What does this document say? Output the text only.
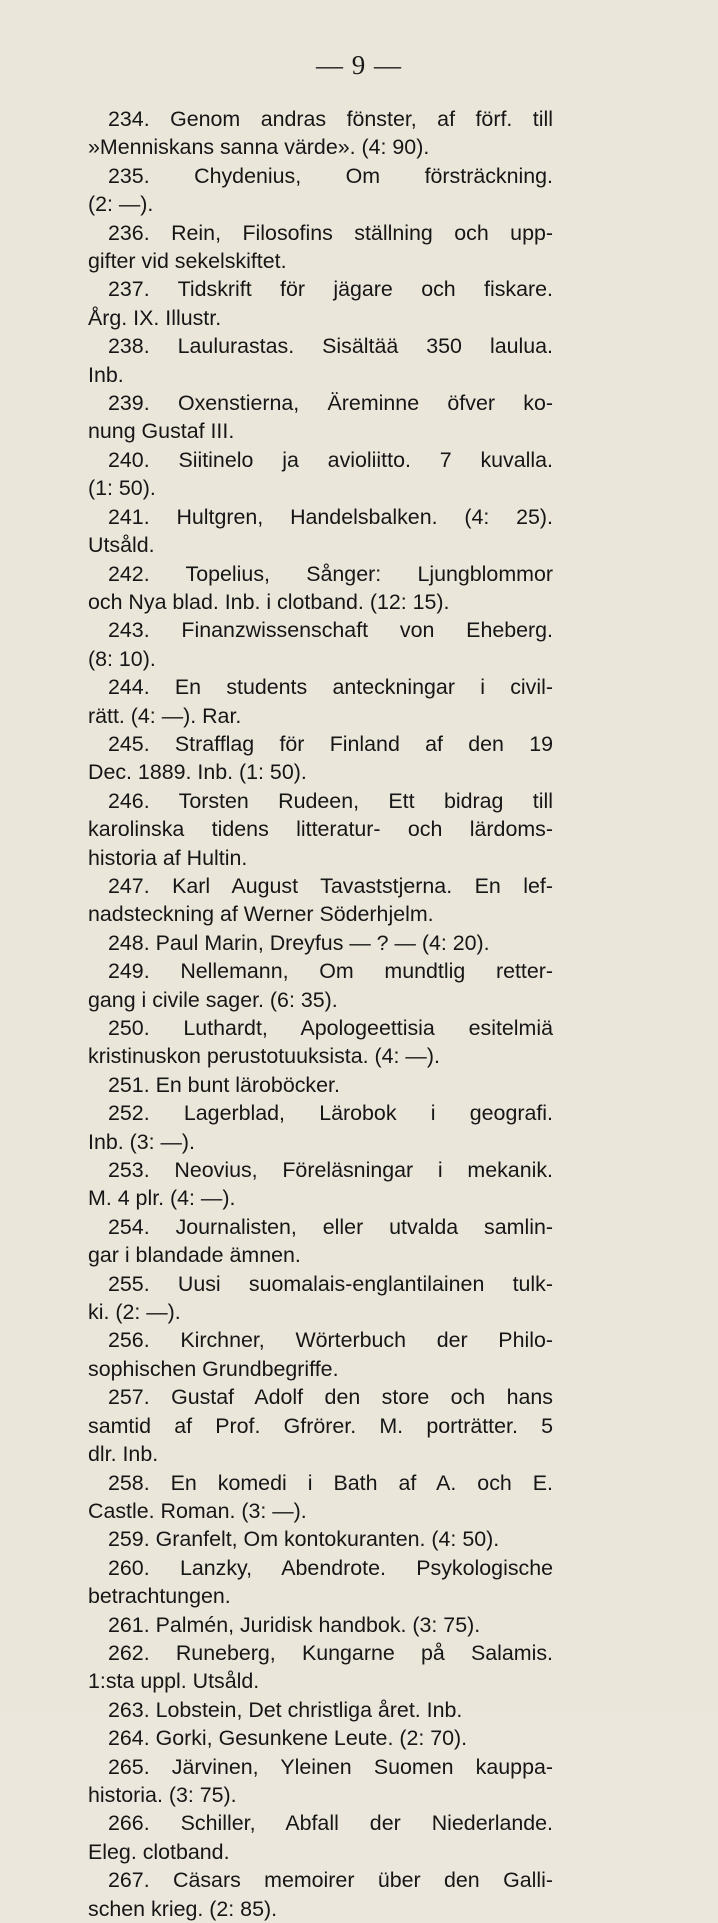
— 9 —
234. Genom andras fönster, af förf. till
»Menniskans sanna värde». (4: 90).
235. Chydenius, Om försträckning.
(2: —).
236. Rein, Filosofins ställning och upp-
gifter vid sekelskiftet.
237. Tidskrift för jägare och fiskare.
Årg. IX. Illustr.
238. Laulurastas. Sisältää 350 laulua.
Inb.
239. Oxenstierna, Äreminne öfver ko-
nung Gustaf III.
240. Siitinelo ja avioliitto. 7 kuvalla.
(1: 50).
241. Hultgren, Handelsbalken. (4: 25).
Utsåld.
242. Topelius, Sånger: Ljungblommor
och Nya blad. Inb. i clotband. (12: 15).
243. Finanzwissenschaft von Eheberg.
(8: 10).
244. En students anteckningar i civil-
rätt. (4: —). Rar.
245. Strafflag för Finland af den 19
Dec. 1889. Inb. (1: 50).
246. Torsten Rudeen, Ett bidrag till
karolinska tidens litteratur- och lärdoms-
historia af Hultin.
247. Karl August Tavaststjerna. En lef-
nadsteckning af Werner Söderhjelm.
248. Paul Marin, Dreyfus — ? — (4: 20).
249. Nellemann, Om mundtlig retter-
gang i civile sager. (6: 35).
250. Luthardt, Apologeettisia esitelmiä
kristinuskon perustotuuksista. (4: —).
251. En bunt läroböcker.
252. Lagerblad, Lärobok i geografi.
Inb. (3: —).
253. Neovius, Föreläsningar i mekanik.
M. 4 plr. (4: —).
254. Journalisten, eller utvalda samlin-
gar i blandade ämnen.
255. Uusi suomalais-englantilainen tulk-
ki. (2: —).
256. Kirchner, Wörterbuch der Philo-
sophischen Grundbegriffe.
257. Gustaf Adolf den store och hans
samtid af Prof. Gfrörer. M. porträtter. 5
dlr. Inb.
258. En komedi i Bath af A. och E.
Castle. Roman. (3: —).
259. Granfelt, Om kontokuranten. (4: 50).
260. Lanzky, Abendrote. Psykologische
betrachtungen.
261. Palmén, Juridisk handbok. (3: 75).
262. Runeberg, Kungarne på Salamis.
1:sta uppl. Utsåld.
263. Lobstein, Det christliga året. Inb.
264. Gorki, Gesunkene Leute. (2: 70).
265. Järvinen, Yleinen Suomen kauppa-
historia. (3: 75).
266. Schiller, Abfall der Niederlande.
Eleg. clotband.
267. Cäsars memoirer über den Galli-
schen krieg. (2: 85).
